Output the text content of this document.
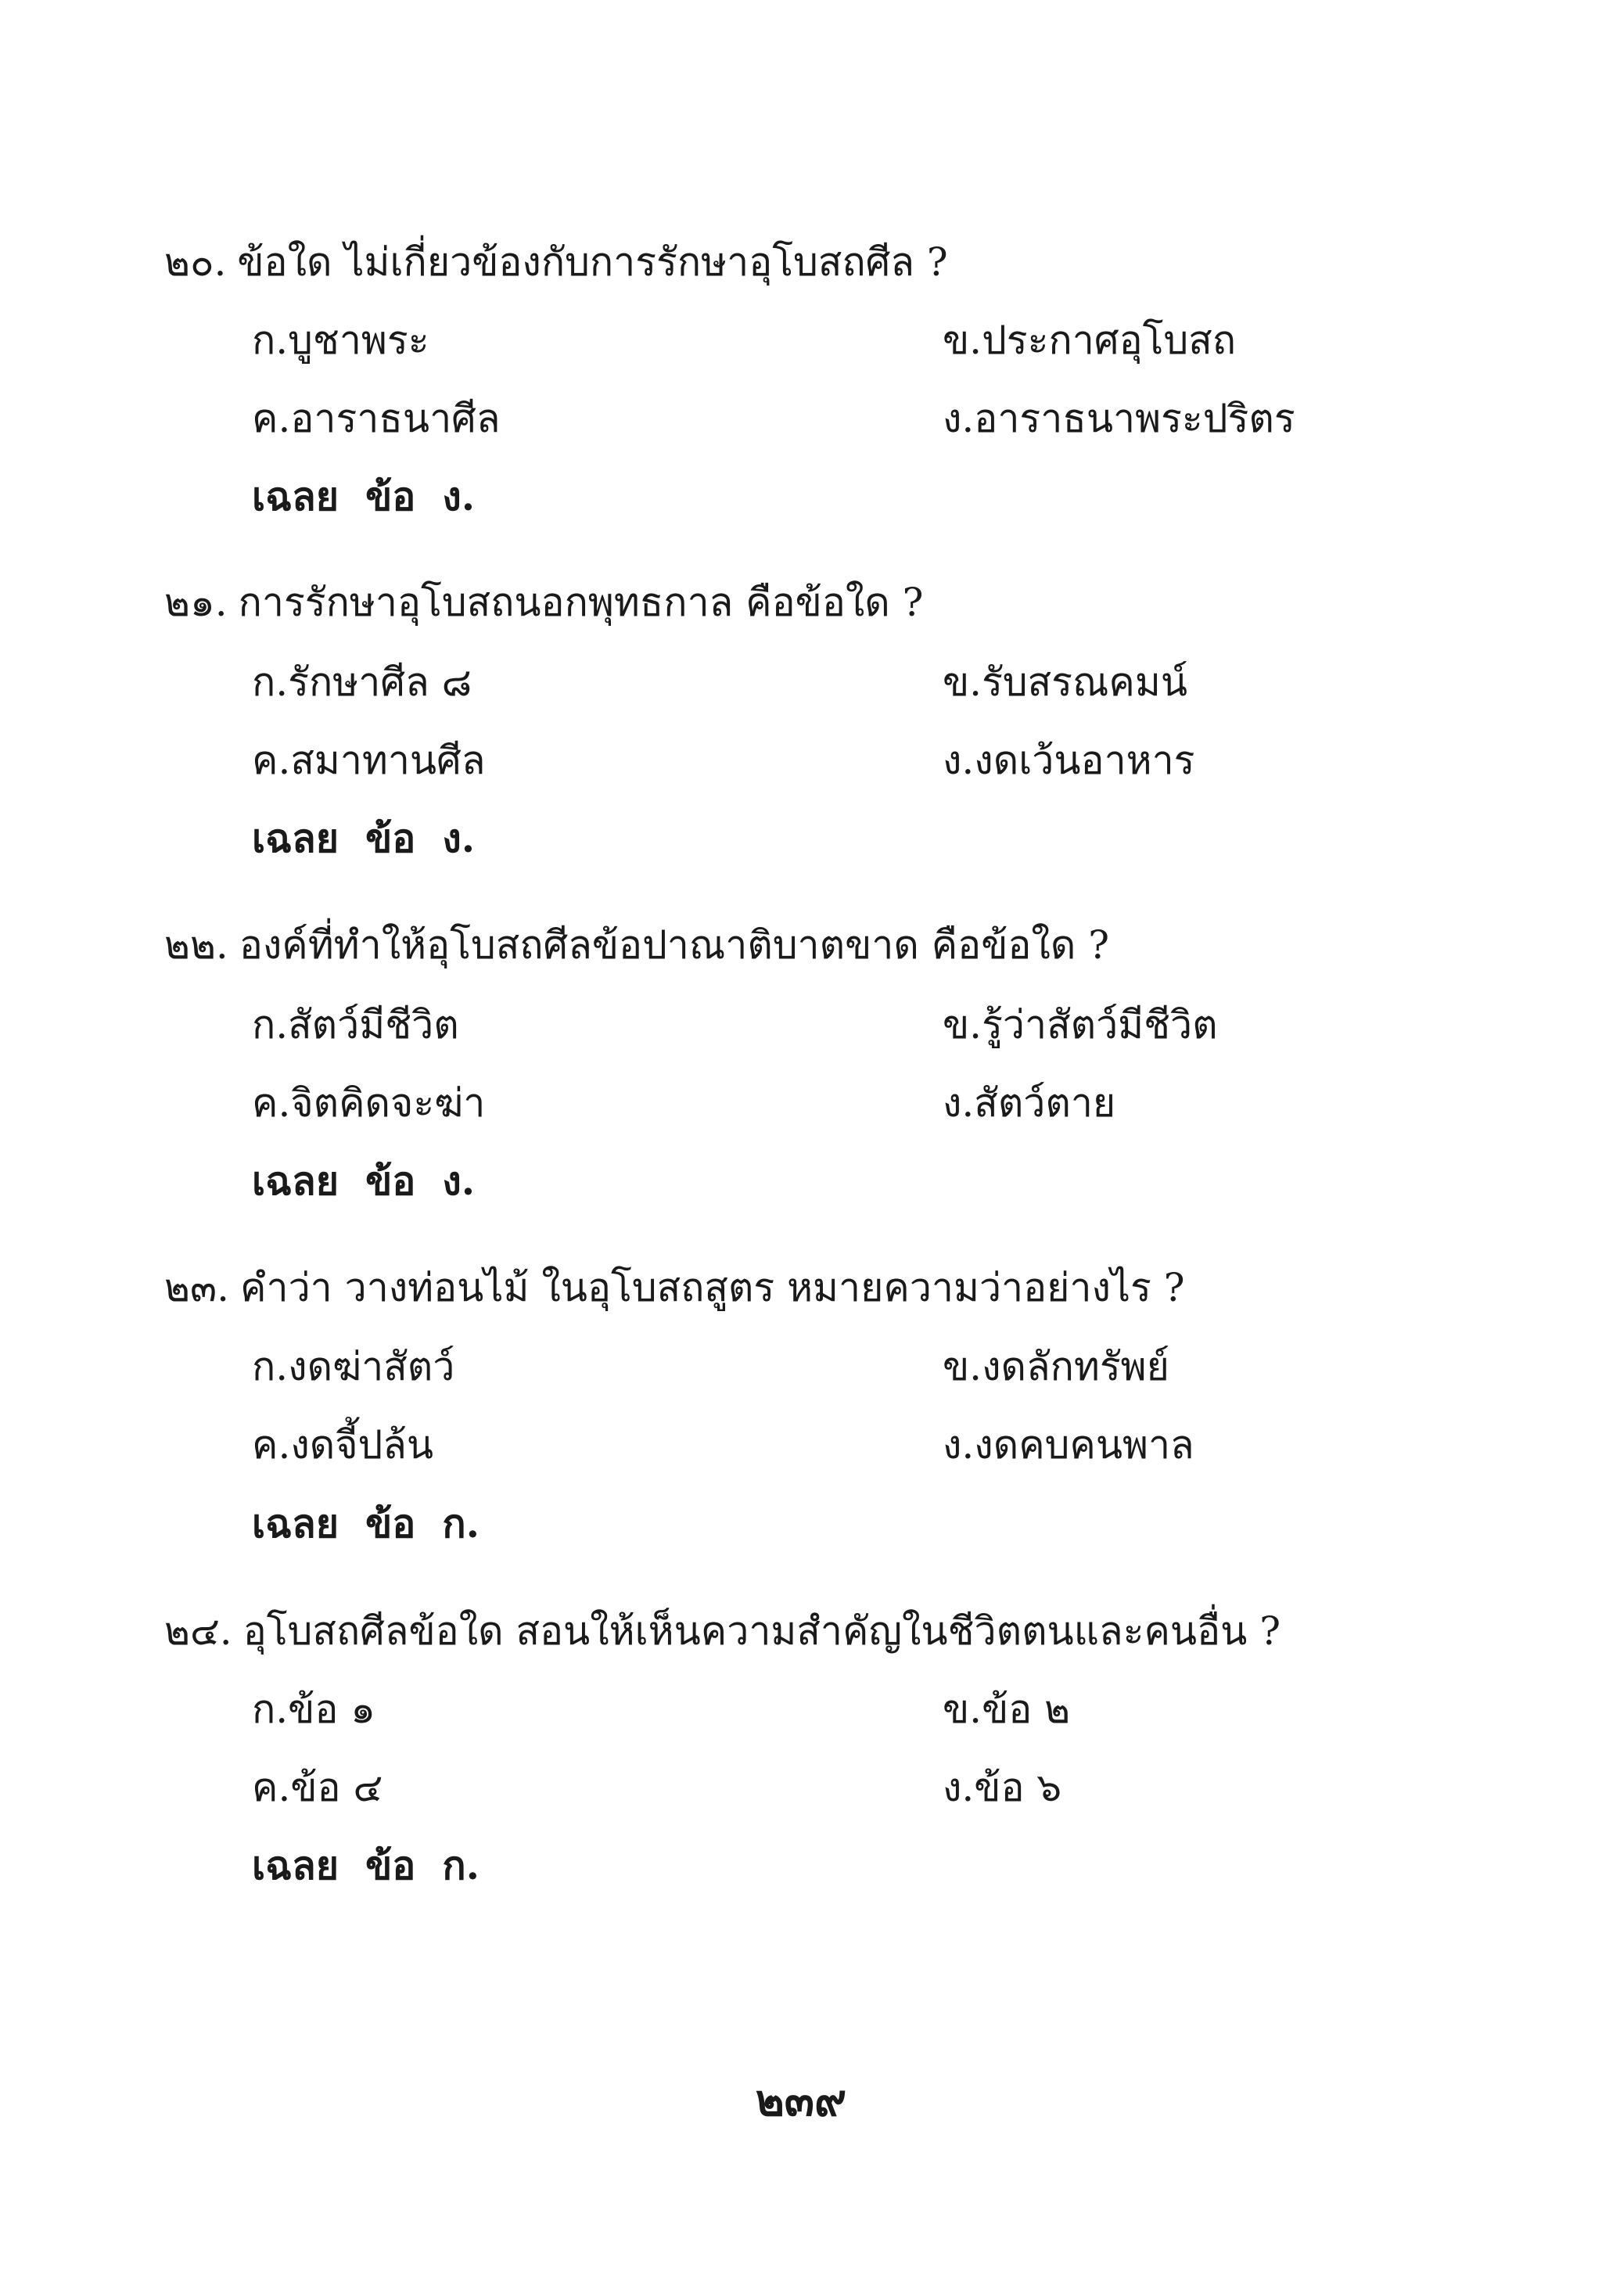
๒๐. ข้อใด ไม่เกี่ยวข้องกับการรักษาอุโบสถศีล ?
ก.บูชาพระ	ข.ประกาศอุโบสถ
ค.อาราธนาศีล	ง.อาราธนาพระปริตร
เฉลย ข้อ ง.
๒๑. การรักษาอุโบสถนอกพุทธกาล คือข้อใด ?
ก.รักษาศีล ๘	ข.รับสรณคมน์
ค.สมาทานศีล	ง.งดเว้นอาหาร
เฉลย ข้อ ง.
๒๒. องค์ที่ทำให้อุโบสถศีลข้อปาณาติบาตขาด คือข้อใด ?
ก.สัตว์มีชีวิต	ข.รู้ว่าสัตว์มีชีวิต
ค.จิตคิดจะฆ่า	ง.สัตว์ตาย
เฉลย ข้อ ง.
๒๓. คำว่า วางท่อนไม้ ในอุโบสถสูตร หมายความว่าอย่างไร ?
ก.งดฆ่าสัตว์	ข.งดลักทรัพย์
ค.งดจี้ปล้น	ง.งดคบคนพาล
เฉลย ข้อ ก.
๒๔. อุโบสถศีลข้อใด สอนให้เห็นความสำคัญในชีวิตตนและคนอื่น ?
ก.ข้อ ๑	ข.ข้อ ๒
ค.ข้อ ๔	ง.ข้อ ๖
เฉลย ข้อ ก.
๒๓๙
